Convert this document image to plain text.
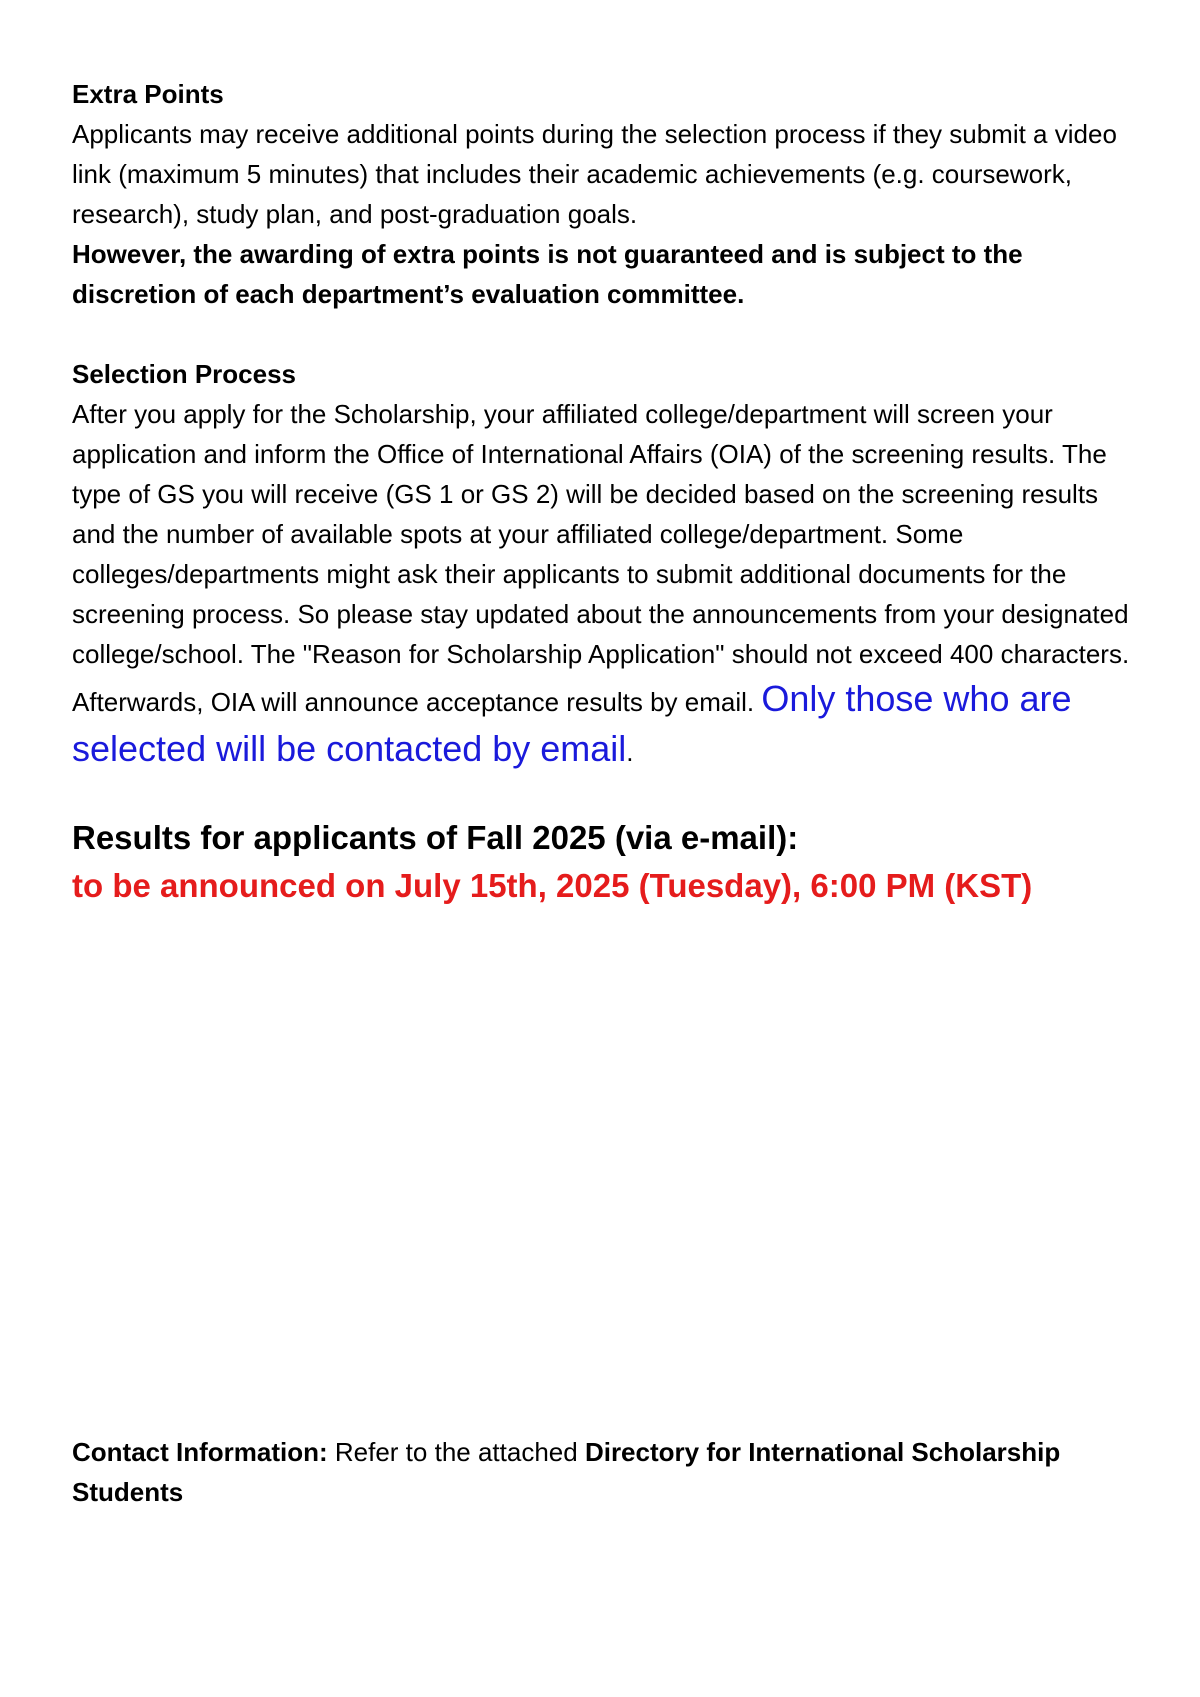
Extra Points

Applicants may receive additional points during the selection process if they submit a video link (maximum 5 minutes) that includes their academic achievements (e.g. coursework, research), study plan, and post-graduation goals.

However, the awarding of extra points is not guaranteed and is subject to the discretion of each department’s evaluation committee.

Selection Process

After you apply for the Scholarship, your affiliated college/department will screen your application and inform the Office of International Affairs (OIA) of the screening results. The type of GS you will receive (GS 1 or GS 2) will be decided based on the screening results and the number of available spots at your affiliated college/department. Some colleges/departments might ask their applicants to submit additional documents for the screening process. So please stay updated about the announcements from your designated college/school. The "Reason for Scholarship Application" should not exceed 400 characters.

Afterwards, OIA will announce acceptance results by email. Only those who are selected will be contacted by email.

Results for applicants of Fall 2025 (via e-mail):

to be announced on July 15th, 2025 (Tuesday), 6:00 PM (KST)

Contact Information: Refer to the attached Directory for International Scholarship Students
